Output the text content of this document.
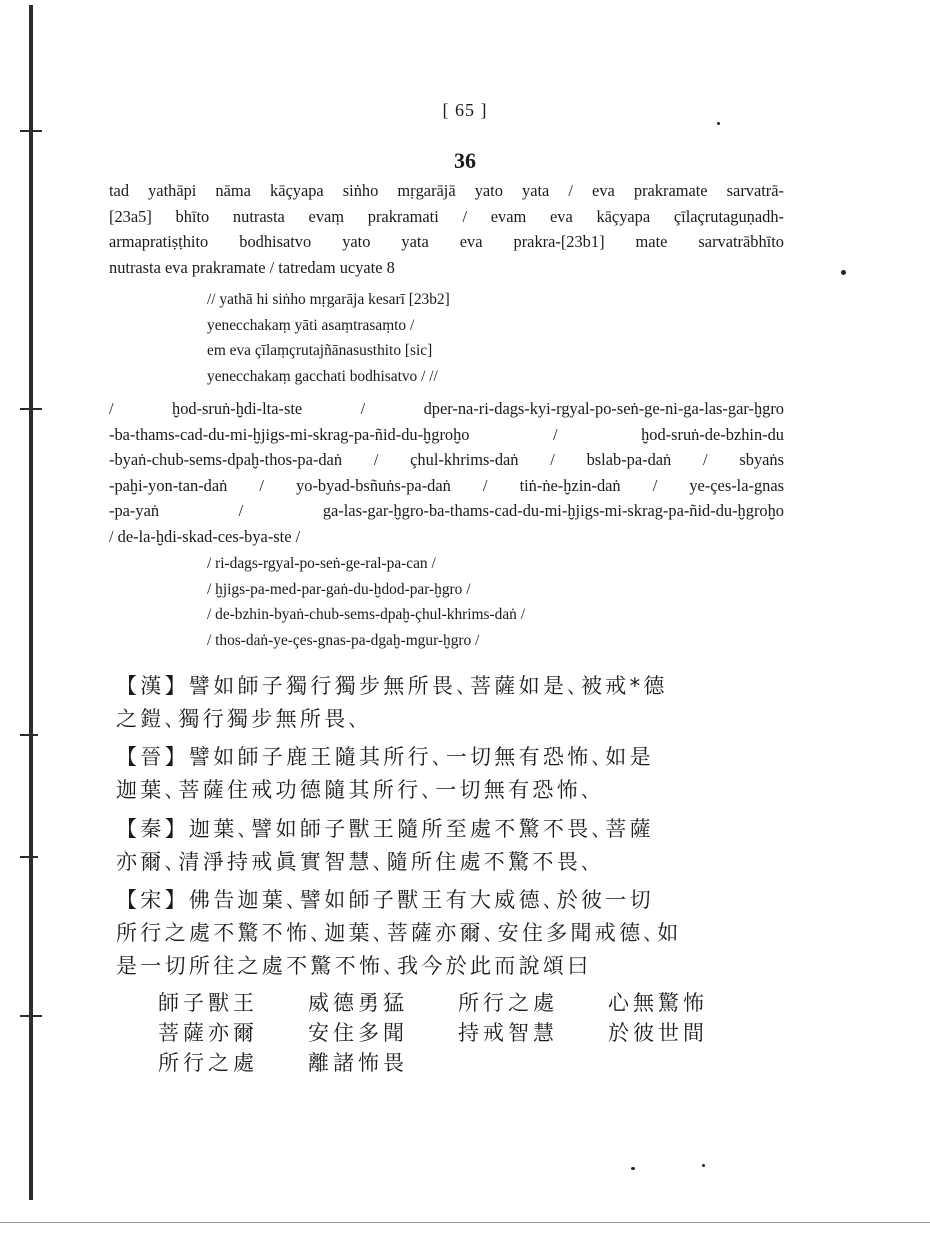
[ 65 ]
36
tad yathāpi nāma kāçyapa siṅho mṛgarājā yato yata / eva prakramate sarvatrā-
[23a5] bhīto nutrasta evaṃ prakramati / evam eva kāçyapa çīlaçrutaguṇadh-
armapratiṣṭhito bodhisatvo yato yata eva prakra-[23b1] mate sarvatrābhīto
nutrasta eva prakramate / tatredam ucyate 8
// yathā hi siṅho mṛgarāja kesarī [23b2]
yenecchakaṃ yāti asaṃtrasaṃto /
em eva çīlaṃçrutajñānasusthito [sic]
yenecchakaṃ gacchati bodhisatvo / //
/ ḫod-sruṅ-ḫdi-lta-ste / dper-na-ri-dags-kyi-rgyal-po-seṅ-ge-ni-ga-las-gar-ḫgro
-ba-thams-cad-du-mi-ḫjigs-mi-skrag-pa-ñid-du-ḫgroḫo / ḫod-sruṅ-de-bzhin-du
-byaṅ-chub-sems-dpaḫ-thos-pa-daṅ / çhul-khrims-daṅ / bslab-pa-daṅ / sbyaṅs
-paḫi-yon-tan-daṅ / yo-byad-bsñuṅs-pa-daṅ / tiṅ-ṅe-ḫzin-daṅ / ye-çes-la-gnas
-pa-yaṅ / ga-las-gar-ḫgro-ba-thams-cad-du-mi-ḫjigs-mi-skrag-pa-ñid-du-ḫgroḫo
/ de-la-ḫdi-skad-ces-bya-ste /
/ ri-dags-rgyal-po-seṅ-ge-ral-pa-can /
/ ḫjigs-pa-med-par-gaṅ-du-ḫdod-par-ḫgro /
/ de-bzhin-byaṅ-chub-sems-dpaḫ-çhul-khrims-daṅ /
/ thos-daṅ-ye-çes-gnas-pa-dgaḫ-mgur-ḫgro /
【漢】譬如師子獨行獨步無所畏､菩薩如是､被戒*德
之鎧､獨行獨步無所畏､
【晉】譬如師子鹿王隨其所行､一切無有恐怖､如是
迦葉､菩薩住戒功德隨其所行､一切無有恐怖､
【秦】迦葉､譬如師子獸王隨所至處不驚不畏､菩薩
亦爾､清淨持戒眞實智慧､隨所住處不驚不畏､
【宋】佛告迦葉､譬如師子獸王有大威德､於彼一切
所行之處不驚不怖､迦葉､菩薩亦爾､安住多聞戒德､如
是一切所往之處不驚不怖､我今於此而說頌曰
師子獸王	威德勇猛	所行之處	心無驚怖
菩薩亦爾	安住多聞	持戒智慧	於彼世間
所行之處	離諸怖畏
